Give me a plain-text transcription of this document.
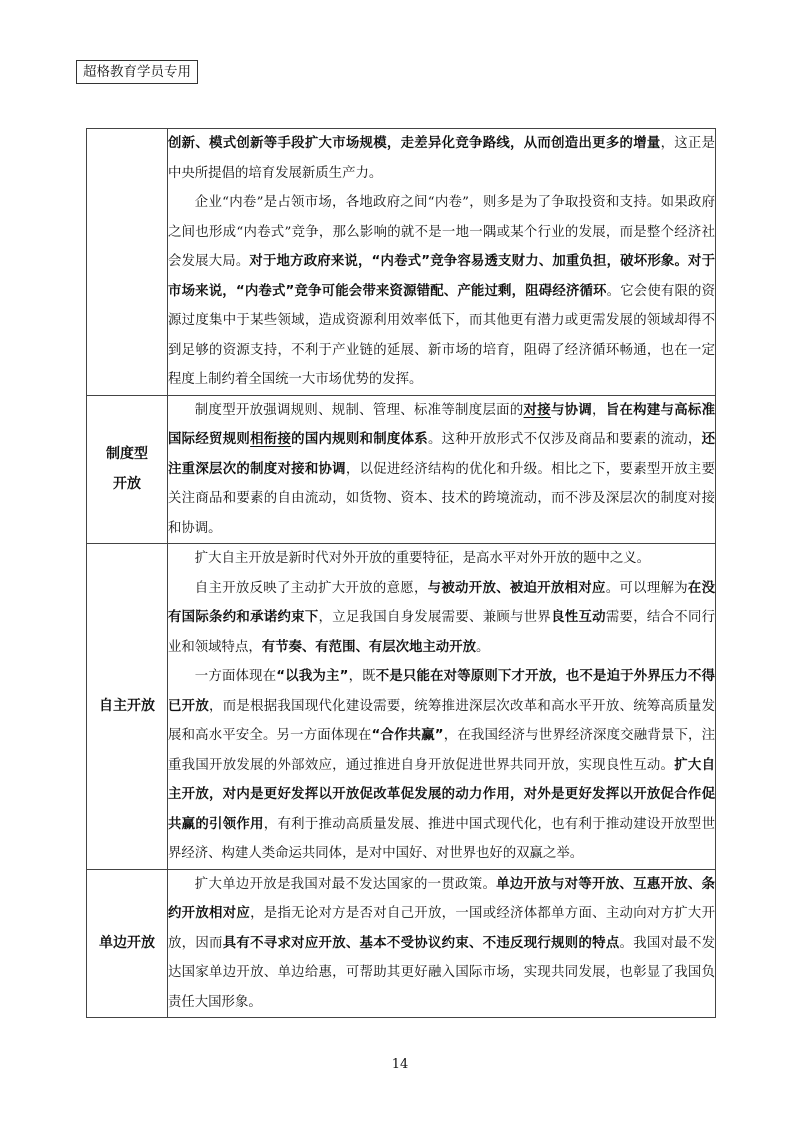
超格教育学员专用

	创新、模式创新等手段扩大市场规模，走差异化竞争路线，从而创造出更多的增量，这正是中央所提倡的培育发展新质生产力。

企业“内卷”是占领市场，各地政府之间“内卷”，则多是为了争取投资和支持。如果政府之间也形成“内卷式”竞争，那么影响的就不是一地一隅或某个行业的发展，而是整个经济社会发展大局。对于地方政府来说，“内卷式”竞争容易透支财力、加重负担，破坏形象。对于市场来说，“内卷式”竞争可能会带来资源错配、产能过剩，阻碍经济循环。它会使有限的资源过度集中于某些领域，造成资源利用效率低下，而其他更有潜力或更需发展的领域却得不到足够的资源支持，不利于产业链的延展、新市场的培育，阻碍了经济循环畅通，也在一定程度上制约着全国统一大市场优势的发挥。

制度型
开放	制度型开放强调规则、规制、管理、标准等制度层面的对接与协调，旨在构建与高标准国际经贸规则相衔接的国内规则和制度体系。这种开放形式不仅涉及商品和要素的流动，还注重深层次的制度对接和协调，以促进经济结构的优化和升级。相比之下，要素型开放主要关注商品和要素的自由流动，如货物、资本、技术的跨境流动，而不涉及深层次的制度对接和协调。

自主开放	扩大自主开放是新时代对外开放的重要特征，是高水平对外开放的题中之义。

自主开放反映了主动扩大开放的意愿，与被动开放、被迫开放相对应。可以理解为在没有国际条约和承诺约束下，立足我国自身发展需要、兼顾与世界良性互动需要，结合不同行业和领域特点，有节奏、有范围、有层次地主动开放。

一方面体现在“以我为主”，既不是只能在对等原则下才开放，也不是迫于外界压力不得已开放，而是根据我国现代化建设需要，统筹推进深层次改革和高水平开放、统筹高质量发展和高水平安全。另一方面体现在“合作共赢”，在我国经济与世界经济深度交融背景下，注重我国开放发展的外部效应，通过推进自身开放促进世界共同开放，实现良性互动。扩大自主开放，对内是更好发挥以开放促改革促发展的动力作用，对外是更好发挥以开放促合作促共赢的引领作用，有利于推动高质量发展、推进中国式现代化，也有利于推动建设开放型世界经济、构建人类命运共同体，是对中国好、对世界也好的双赢之举。

单边开放	扩大单边开放是我国对最不发达国家的一贯政策。单边开放与对等开放、互惠开放、条约开放相对应，是指无论对方是否对自己开放，一国或经济体都单方面、主动向对方扩大开放，因而具有不寻求对应开放、基本不受协议约束、不违反现行规则的特点。我国对最不发达国家单边开放、单边给惠，可帮助其更好融入国际市场，实现共同发展，也彰显了我国负责任大国形象。

14
